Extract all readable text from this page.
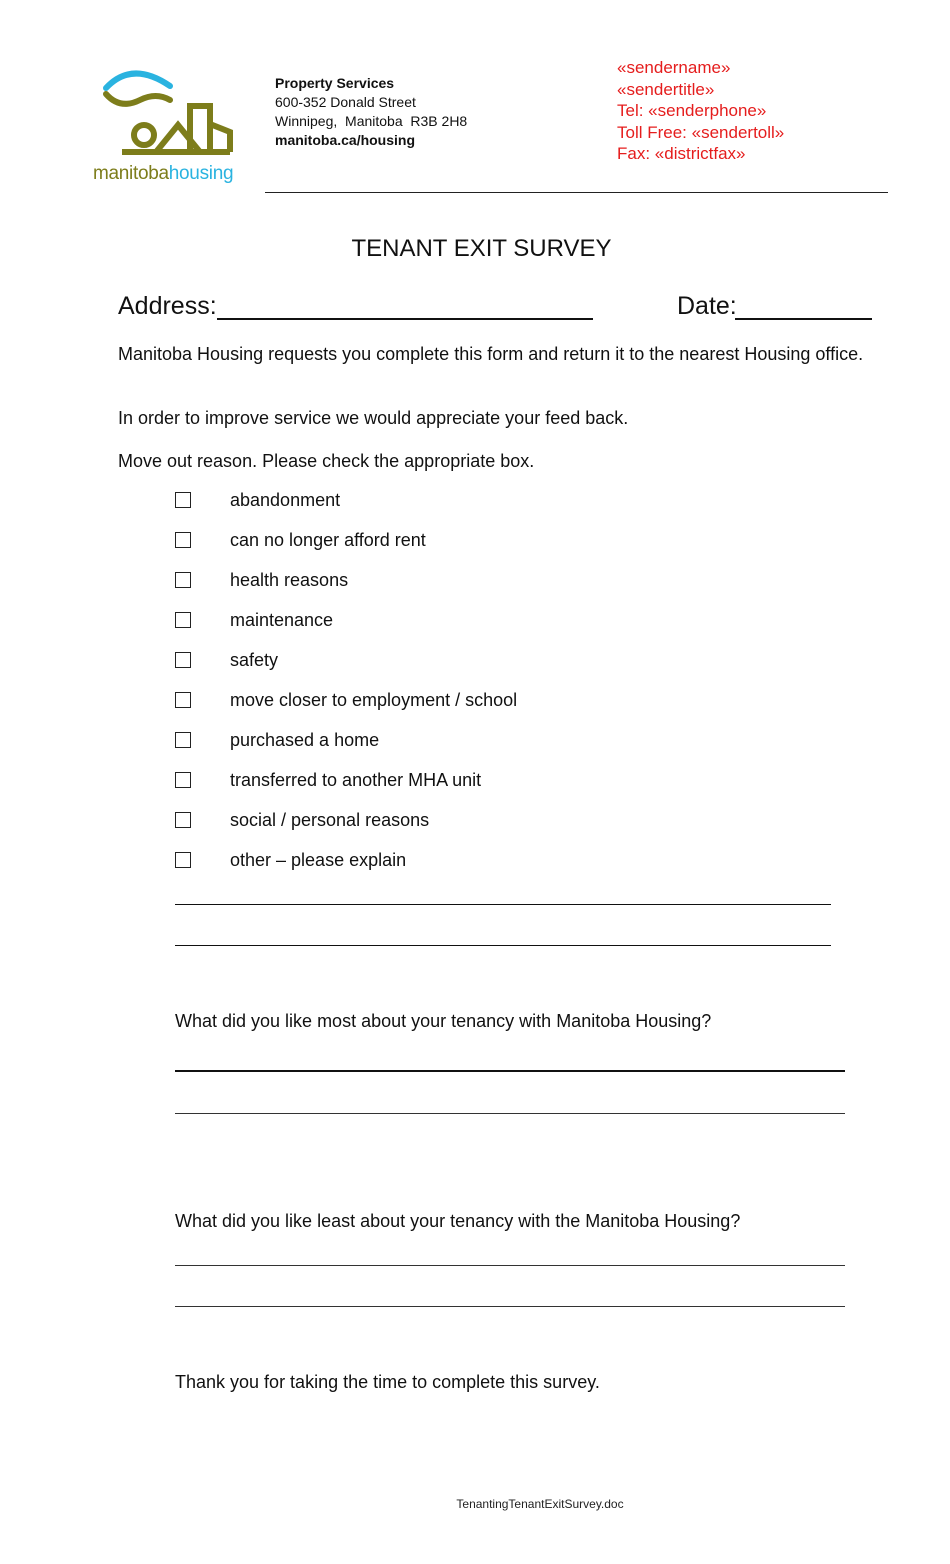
manitobahousing
Property Services
600-352 Donald Street
Winnipeg,  Manitoba  R3B 2H8
manitoba.ca/housing
«sendername»
«sendertitle»
Tel: «senderphone»
Toll Free: «sendertoll»
Fax: «districtfax»
TENANT EXIT SURVEY
Address:	Date:
Manitoba Housing requests you complete this form and return it to the nearest Housing office.
In order to improve service we would appreciate your feed back.
Move out reason. Please check the appropriate box.
abandonment
can no longer afford rent
health reasons
maintenance
safety
move closer to employment / school
purchased a home
transferred to another MHA unit
social / personal reasons
other – please explain
What did you like most about your tenancy with Manitoba Housing?
What did you like least about your tenancy with the Manitoba Housing?
Thank you for taking the time to complete this survey.
TenantingTenantExitSurvey.doc
